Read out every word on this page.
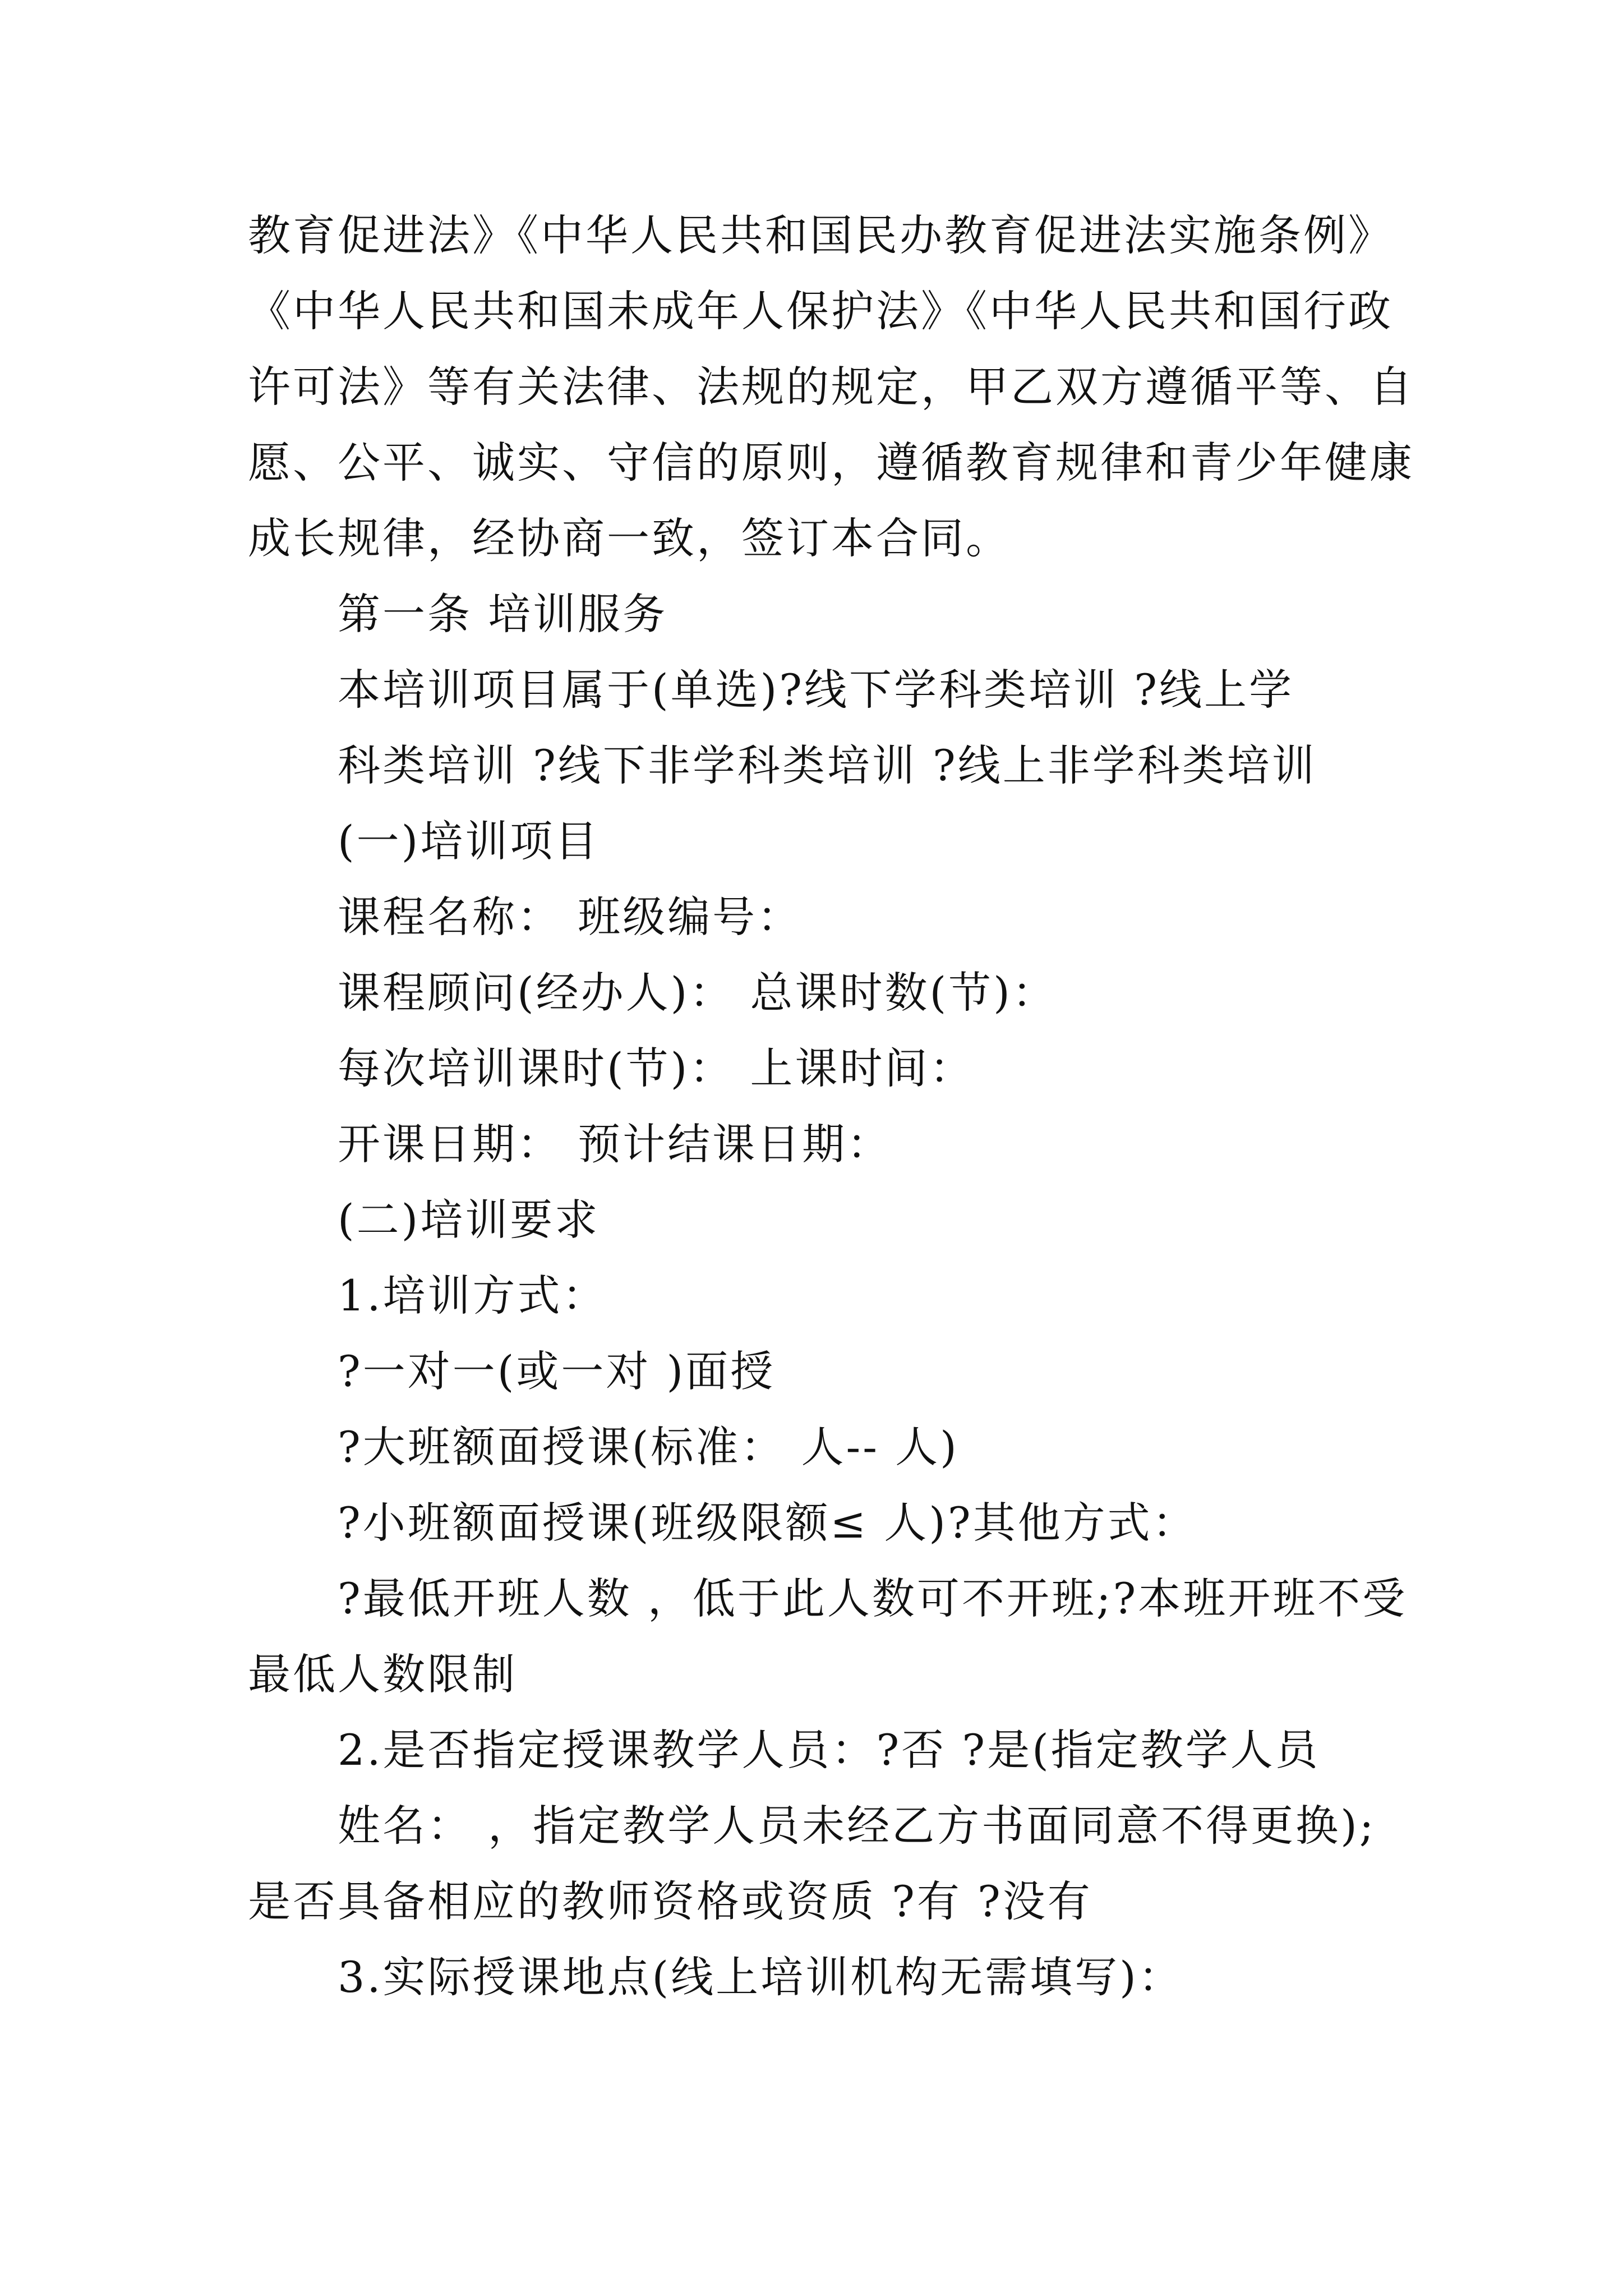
教育促进法》《中华人民共和国民办教育促进法实施条例》
《中华人民共和国未成年人保护法》《中华人民共和国行政
许可法》等有关法律、法规的规定，甲乙双方遵循平等、自
愿、公平、诚实、守信的原则，遵循教育规律和青少年健康
成长规律，经协商一致，签订本合同。
第一条 培训服务
本培训项目属于(单选)?线下学科类培训 ?线上学
科类培训 ?线下非学科类培训 ?线上非学科类培训
(一)培训项目
课程名称： 班级编号：
课程顾问(经办人)： 总课时数(节)：
每次培训课时(节)： 上课时间：
开课日期： 预计结课日期：
(二)培训要求
1.培训方式：
?一对一(或一对 )面授
?大班额面授课(标准： 人-- 人)
?小班额面授课(班级限额≤ 人)?其他方式：
?最低开班人数 ，低于此人数可不开班;?本班开班不受
最低人数限制
2.是否指定授课教学人员：?否 ?是(指定教学人员
姓名： ，指定教学人员未经乙方书面同意不得更换);
是否具备相应的教师资格或资质 ?有 ?没有
3.实际授课地点(线上培训机构无需填写)：
